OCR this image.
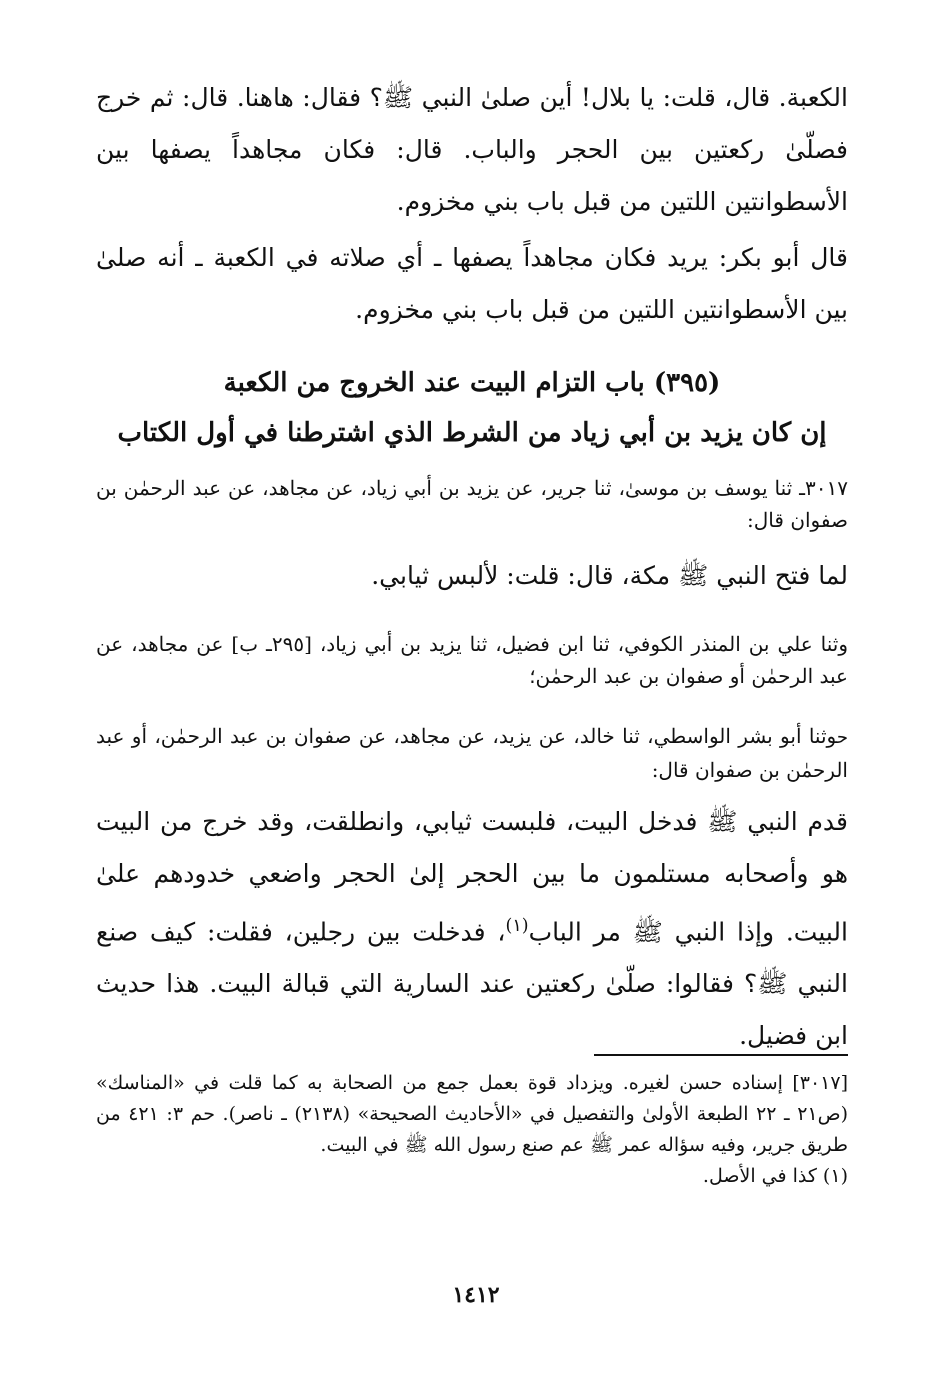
الكعبة. قال، قلت: يا بلال! أين صلىٰ النبي ﷺ؟ فقال: هاهنا. قال: ثم خرج فصلّىٰ ركعتين بين الحجر والباب. قال: فكان مجاهداً يصفها بين الأسطوانتين اللتين من قبل باب بني مخزوم.
قال أبو بكر: يريد فكان مجاهداً يصفها ـ أي صلاته في الكعبة ـ أنه صلىٰ بين الأسطوانتين اللتين من قبل باب بني مخزوم.
(٣٩٥) باب التزام البيت عند الخروج من الكعبة
إن كان يزيد بن أبي زياد من الشرط الذي اشترطنا في أول الكتاب
٣٠١٧ـ ثنا يوسف بن موسىٰ، ثنا جرير، عن يزيد بن أبي زياد، عن مجاهد، عن عبد الرحمٰن بن صفوان قال:
لما فتح النبي ﷺ مكة، قال: قلت: لألبس ثيابي.
وثنا علي بن المنذر الكوفي، ثنا ابن فضيل، ثنا يزيد بن أبي زياد، [٢٩٥ـ ب] عن مجاهد، عن عبد الرحمٰن أو صفوان بن عبد الرحمٰن؛
حوثنا أبو بشر الواسطي، ثنا خالد، عن يزيد، عن مجاهد، عن صفوان بن عبد الرحمٰن، أو عبد الرحمٰن بن صفوان قال:
قدم النبي ﷺ فدخل البيت، فلبست ثيابي، وانطلقت، وقد خرج من البيت هو وأصحابه مستلمون ما بين الحجر إلىٰ الحجر واضعي خدودهم علىٰ البيت. وإذا النبي ﷺ مر الباب$^{(١)}$، فدخلت بين رجلين، فقلت: كيف صنع النبي ﷺ؟ فقالوا: صلّىٰ ركعتين عند السارية التي قبالة البيت. هذا حديث ابن فضيل.

[٣٠١٧] إسناده حسن لغيره. ويزداد قوة بعمل جمع من الصحابة به كما قلت في «المناسك» (ص٢١ ـ ٢٢ الطبعة الأولىٰ والتفصيل في «الأحاديث الصحيحة» (٢١٣٨) ـ ناصر). حم ٣: ٤٢١ من طريق جرير، وفيه سؤاله عمر ﷺ عم صنع رسول الله ﷺ في البيت.

(١) كذا في الأصل.

١٤١٢
